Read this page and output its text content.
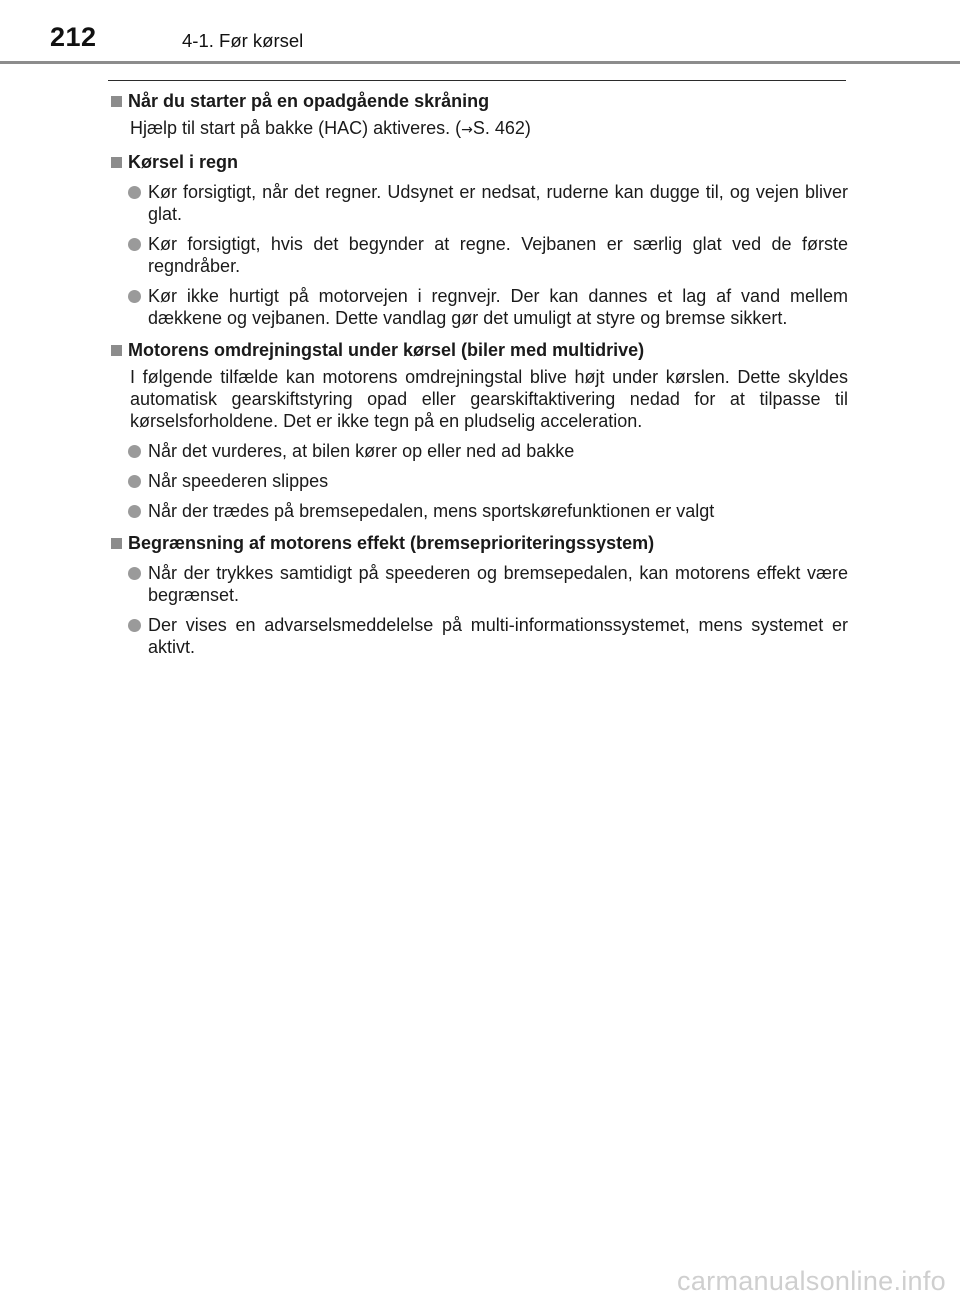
212	4-1. Før kørsel
Når du starter på en opadgående skråning
Hjælp til start på bakke (HAC) aktiveres. (→S. 462)
Kørsel i regn
Kør forsigtigt, når det regner. Udsynet er nedsat, ruderne kan dugge til, og vejen bliver glat.
Kør forsigtigt, hvis det begynder at regne. Vejbanen er særlig glat ved de første regndråber.
Kør ikke hurtigt på motorvejen i regnvejr. Der kan dannes et lag af vand mellem dækkene og vejbanen. Dette vandlag gør det umuligt at styre og bremse sikkert.
Motorens omdrejningstal under kørsel (biler med multidrive)
I følgende tilfælde kan motorens omdrejningstal blive højt under kørslen. Dette skyldes automatisk gearskiftstyring opad eller gearskiftaktivering nedad for at tilpasse til kørselsforholdene. Det er ikke tegn på en pludselig acceleration.
Når det vurderes, at bilen kører op eller ned ad bakke
Når speederen slippes
Når der trædes på bremsepedalen, mens sportskørefunktionen er valgt
Begrænsning af motorens effekt (bremseprioriteringssystem)
Når der trykkes samtidigt på speederen og bremsepedalen, kan motorens effekt være begrænset.
Der vises en advarselsmeddelelse på multi-informationssystemet, mens systemet er aktivt.
carmanualsonline.info
